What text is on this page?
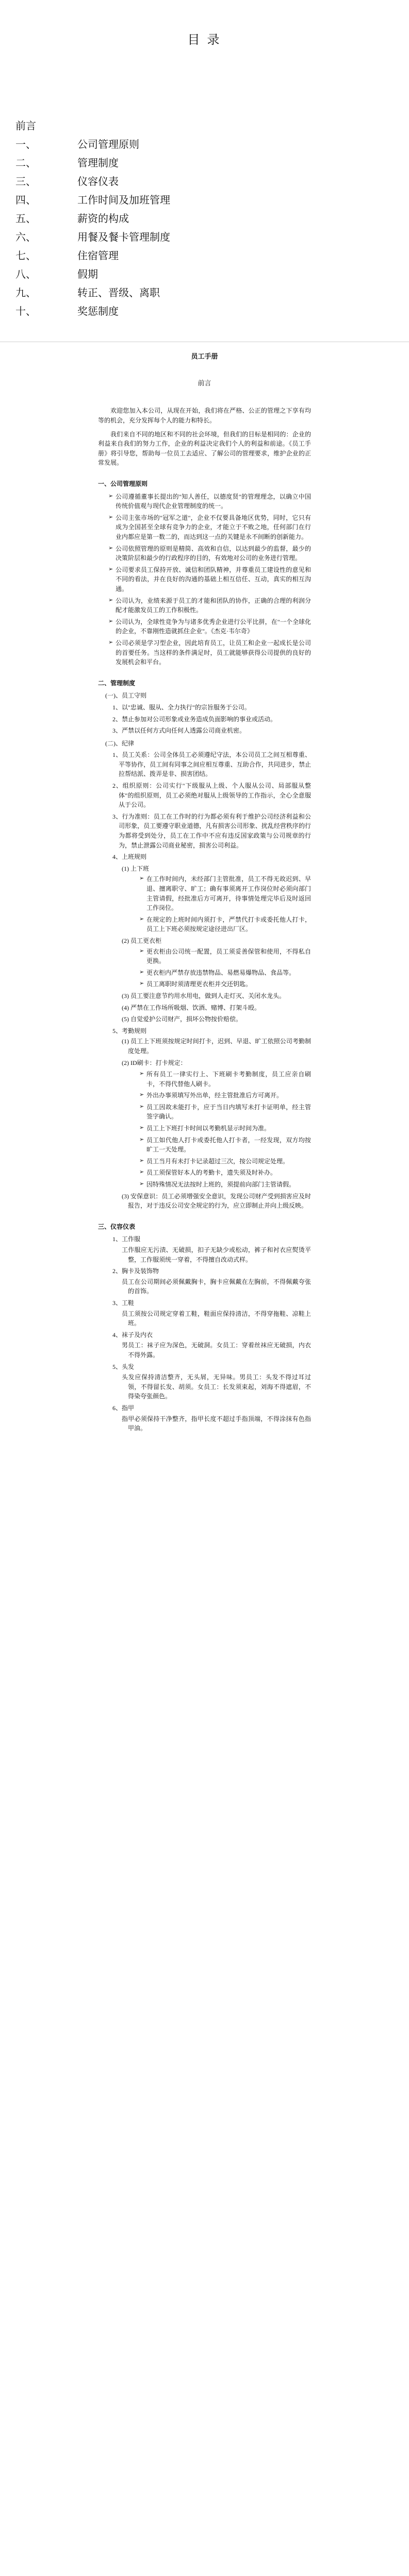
目 录
前言
一、	公司管理原则
二、	管理制度
三、	仪容仪表
四、	工作时间及加班管理
五、	薪资的构成
六、	用餐及餐卡管理制度
七、	住宿管理
八、	假期
九、	转正、晋级、离职
十、	奖惩制度
员工手册
前言

欢迎您加入本公司，从现在开始，我们将在严格、公正的管理之下享有均等的机会，充分发挥每个人的能力和特长。

我们来自不同的地区和不同的社会环境，但我们的目标是相同的：企业的利益来自我们的努力工作，企业的利益决定我们个人的利益和前途。《员工手册》将引导您，帮助每一位员工去适应、了解公司的管理要求，维护企业的正常发展。

一、公司管理原则
➢ 公司遵循董事长提出的"知人善任，以德度贤"的管理理念，以确立中国传统价值观与现代企业管理制度的统一。
➢ 公司主张市场的"冠军之道"，企业不仅要具备地区优势，同时，它只有成为全国甚至全球有竞争力的企业，才能立于不败之地，任何部门在行业内都应是第一数二的，而达到这一点的关键是永不间断的创新能力。
➢ 公司依照管理的原则是精简、高效和自信，以达到最少的监督，最少的决策阶层和最少的行政程序的目的，有效地对公司的业务进行管理。
➢ 公司要求员工保持开放、诚信和团队精神，并尊重员工建设性的意见和不同的看法，并在良好的沟通的基础上相互信任、互动，真实的相互沟通。
➢ 公司认为，业绩来源于员工的才能和团队的协作，正确的合理的利润分配才能激发员工的工作积极性。
➢ 公司认为，全球性竞争为与诸多优秀企业进行公平比拼，在"一个全球化的企业，不靠刚性造就抓住企业"。《杰克·韦尔奇》
➢ 公司必须是学习型企业，因此培育员工，让员工和企业一起成长是公司的首要任务。当这样的条件满足时，员工就能够获得公司提供的良好的发展机会和平台。
二、管理制度
(一)、员工守则
1、以"忠诚、服从、全力执行"的宗旨服务于公司。
2、禁止参加对公司形象或业务造成负面影响的事业或活动。
3、严禁以任何方式向任何人透露公司商业机密。
(二)、纪律
1、员工关系：公司全体员工必须遵纪守法，本公司员工之间互相尊重、平等协作，员工间有同事之间应相互尊重、互助合作，共同进步，禁止拉帮结派、拨弄是非、损害团结。
2、组织原则：公司实行"下级服从上级、个人服从公司、局部服从整体"的组织原则，员工必须绝对服从上级领导的工作指示，全心全意服从于公司。
3、行为准则：员工在工作时的行为都必须有利于维护公司经济利益和公司形象，员工要遵守职业道德，凡有损害公司形象、扰乱经营秩序的行为都将受到处分，员工在工作中不应有违反国家政策与公司规章的行为，禁止泄露公司商业秘密，损害公司利益。
4、上班规则
(1) 上下班
➢ 在工作时间内，未经部门主管批准，员工不得无故迟到、早退、擅离职守、旷工；确有事须离开工作岗位时必须向部门主管请假，经批准后方可离开，待事情处理完毕后及时返回工作岗位。
➢ 在规定的上班时间内须打卡，严禁代打卡或委托他人打卡，员工上下班必须按规定途径进出厂区。
(2) 员工更衣柜
➢ 更衣柜由公司统一配置，员工须妥善保管和使用，不得私自更换。
➢ 更衣柜内严禁存放违禁物品、易燃易爆物品、食品等。
➢ 员工离职时须清理更衣柜并交还钥匙。
(3) 员工要注意节约用水用电，做到人走灯灭、关闭水龙头。
(4) 严禁在工作场所吸烟、饮酒、赌博、打架斗殴。
(5) 自觉爱护公司财产，损坏公物按价赔偿。
5、考勤规则
(1) 员工上下班须按规定时间打卡，迟到、早退、旷工依照公司考勤制度处理。
(2) ID刷卡：打卡规定：
➢ 所有员工一律实行上、下班刷卡考勤制度，员工应亲自刷卡，不得代替他人刷卡。
➢ 外出办事须填写外出单，经主管批准后方可离开。
➢ 员工因故未能打卡，应于当日内填写未打卡证明单，经主管签字确认。
➢ 员工上下班打卡时间以考勤机显示时间为准。
➢ 员工如代他人打卡或委托他人打卡者，一经发现，双方均按旷工一天处理。
➢ 员工当月有未打卡记录超过三次，按公司规定处理。
➢ 员工须保管好本人的考勤卡，遗失须及时补办。
➢ 因特殊情况无法按时上班的，须提前向部门主管请假。
(3) 安保意识：员工必须增强安全意识，发现公司财产受到损害应及时报告，对于违反公司安全规定的行为，应立即制止并向上级反映。
三、仪容仪表
1、工作服
工作服应无污渍、无破损，扣子无缺少或松动，裤子和衬衣应熨烫平整，工作服须统一穿着，不得擅自改动式样。
2、胸卡及装饰物
员工在公司期间必须佩戴胸卡，胸卡应佩戴在左胸前，不得佩戴夸张的首饰。
3、工鞋
员工须按公司规定穿着工鞋，鞋面应保持清洁，不得穿拖鞋、凉鞋上班。
4、袜子及内衣
男员工：袜子应为深色，无破洞。女员工：穿着丝袜应无破损，内衣不得外露。
5、头发
头发应保持清洁整齐，无头屑，无异味。男员工：头发不得过耳过领，不得留长发、胡须。女员工：长发须束起，刘海不得遮眉，不得染夸张颜色。
6、指甲
指甲必须保持干净整齐，指甲长度不超过手指顶端，不得涂抹有色指甲油。
